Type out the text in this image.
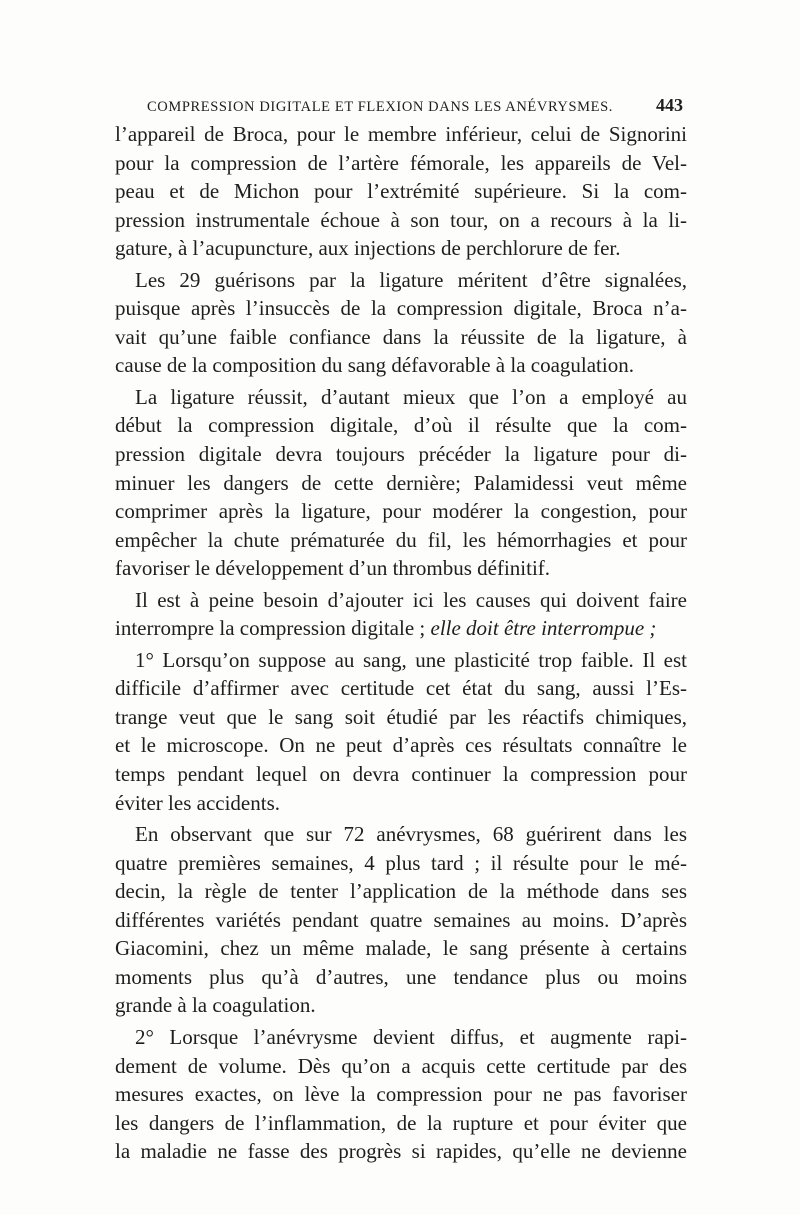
COMPRESSION DIGITALE ET FLEXION DANS LES ANÉVRYSMES. 443
l’appareil de Broca, pour le membre inférieur, celui de Signorini
pour la compression de l’artère fémorale, les appareils de Vel-
peau et de Michon pour l’extrémité supérieure. Si la com-
pression instrumentale échoue à son tour, on a recours à la li-
gature, à l’acupuncture, aux injections de perchlorure de fer.
Les 29 guérisons par la ligature méritent d’être signalées,
puisque après l’insuccès de la compression digitale, Broca n’a-
vait qu’une faible confiance dans la réussite de la ligature, à
cause de la composition du sang défavorable à la coagulation.
La ligature réussit, d’autant mieux que l’on a employé au
début la compression digitale, d’où il résulte que la com-
pression digitale devra toujours précéder la ligature pour di-
minuer les dangers de cette dernière; Palamidessi veut même
comprimer après la ligature, pour modérer la congestion, pour
empêcher la chute prématurée du fil, les hémorrhagies et pour
favoriser le développement d’un thrombus définitif.
Il est à peine besoin d’ajouter ici les causes qui doivent faire
interrompre la compression digitale ; elle doit être interrompue ;
1° Lorsqu’on suppose au sang, une plasticité trop faible. Il est
difficile d’affirmer avec certitude cet état du sang, aussi l’Es-
trange veut que le sang soit étudié par les réactifs chimiques,
et le microscope. On ne peut d’après ces résultats connaître le
temps pendant lequel on devra continuer la compression pour
éviter les accidents.
En observant que sur 72 anévrysmes, 68 guérirent dans les
quatre premières semaines, 4 plus tard ; il résulte pour le mé-
decin, la règle de tenter l’application de la méthode dans ses
différentes variétés pendant quatre semaines au moins. D’après
Giacomini, chez un même malade, le sang présente à certains
moments plus qu’à d’autres, une tendance plus ou moins
grande à la coagulation.
2° Lorsque l’anévrysme devient diffus, et augmente rapi-
dement de volume. Dès qu’on a acquis cette certitude par des
mesures exactes, on lève la compression pour ne pas favoriser
les dangers de l’inflammation, de la rupture et pour éviter que
la maladie ne fasse des progrès si rapides, qu’elle ne devienne
